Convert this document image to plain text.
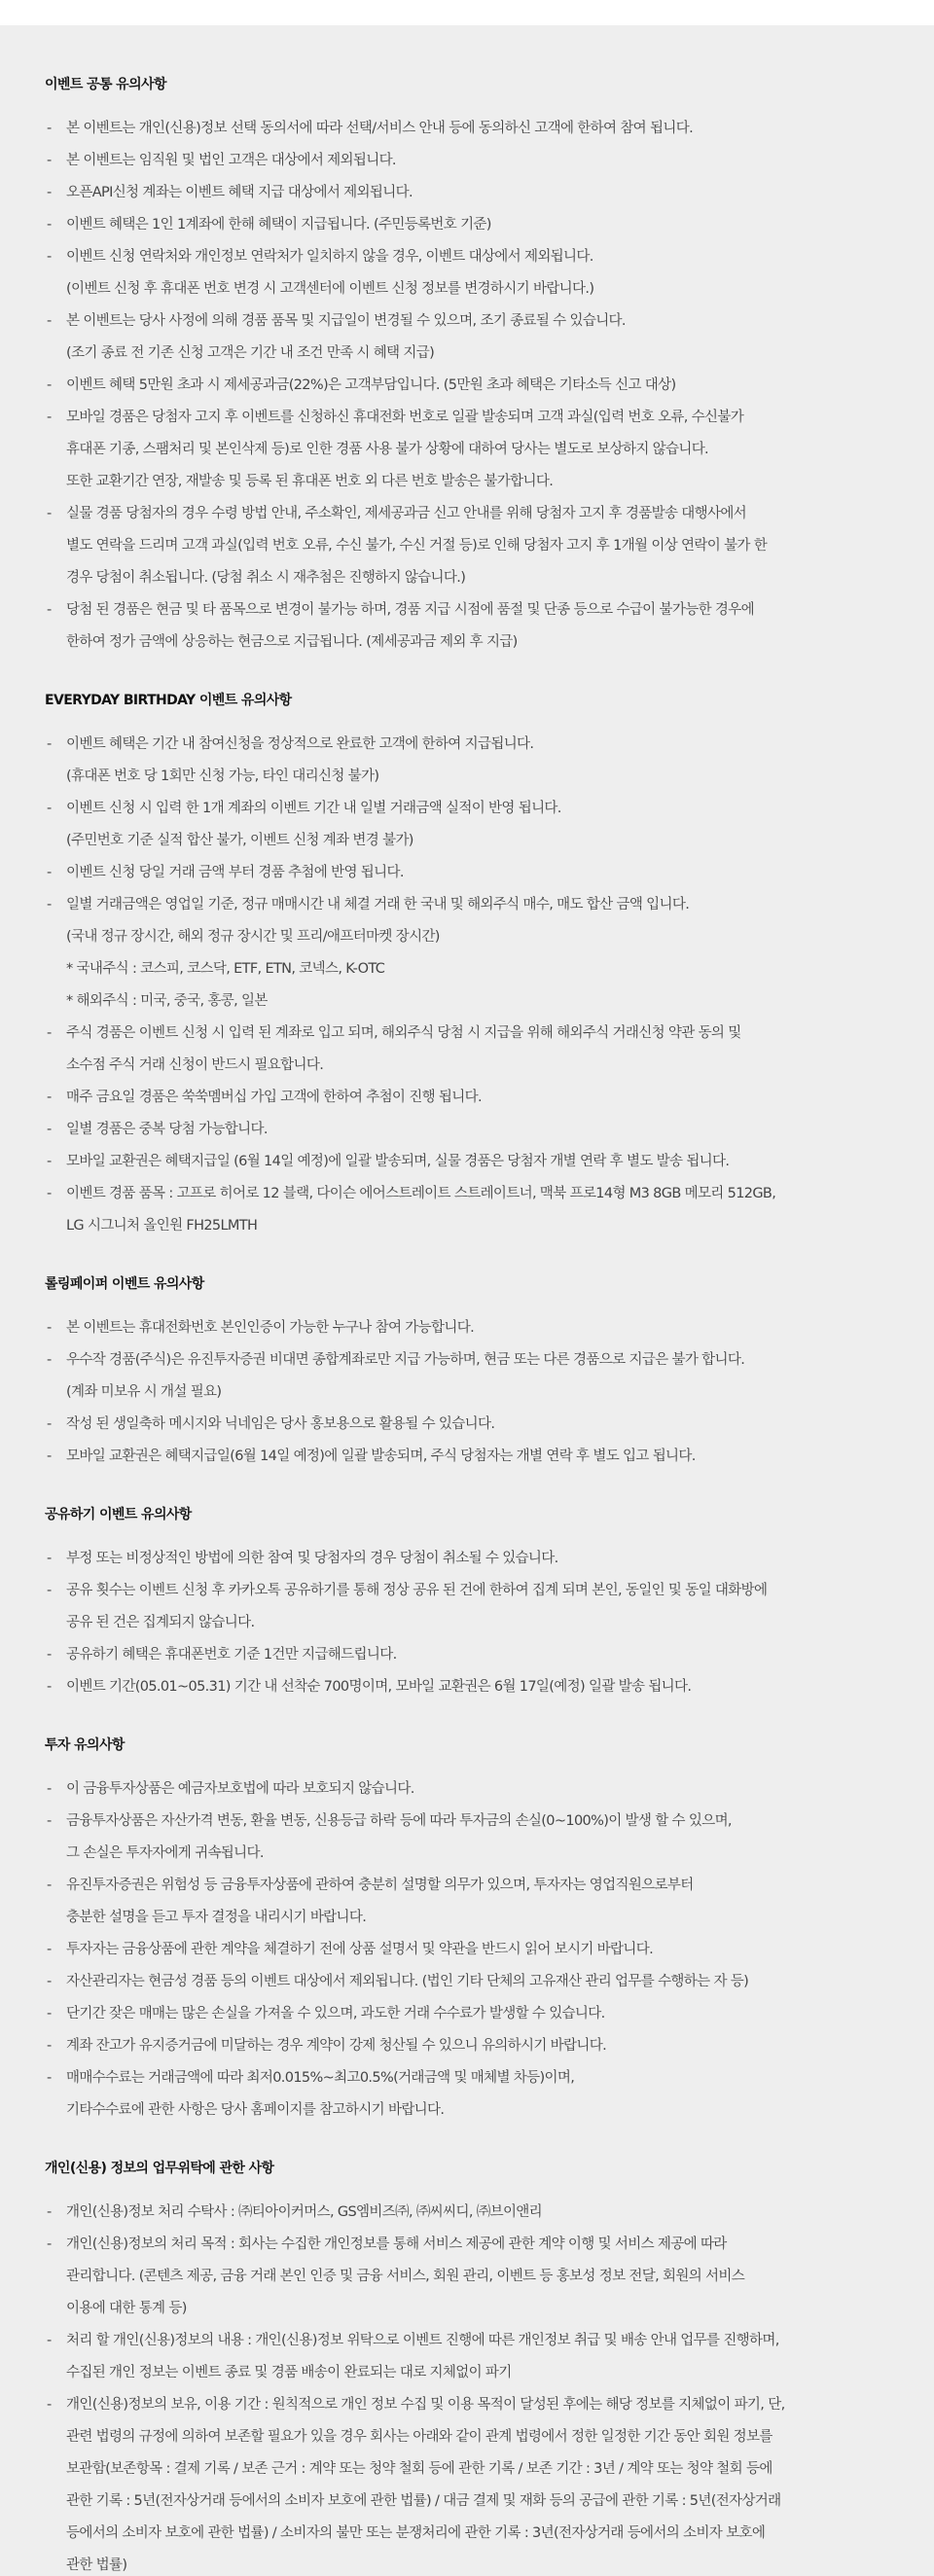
이벤트 공통 유의사항
- 본 이벤트는 개인(신용)정보 선택 동의서에 따라 선택/서비스 안내 등에 동의하신 고객에 한하여 참여 됩니다.
- 본 이벤트는 임직원 및 법인 고객은 대상에서 제외됩니다.
- 오픈API신청 계좌는 이벤트 혜택 지급 대상에서 제외됩니다.
- 이벤트 혜택은 1인 1계좌에 한해 혜택이 지급됩니다. (주민등록번호 기준)
- 이벤트 신청 연락처와 개인정보 연락처가 일치하지 않을 경우, 이벤트 대상에서 제외됩니다.
(이벤트 신청 후 휴대폰 번호 변경 시 고객센터에 이벤트 신청 정보를 변경하시기 바랍니다.)
- 본 이벤트는 당사 사정에 의해 경품 품목 및 지급일이 변경될 수 있으며, 조기 종료될 수 있습니다.
(조기 종료 전 기존 신청 고객은 기간 내 조건 만족 시 혜택 지급)
- 이벤트 혜택 5만원 초과 시 제세공과금(22%)은 고객부담입니다. (5만원 초과 혜택은 기타소득 신고 대상)
- 모바일 경품은 당첨자 고지 후 이벤트를 신청하신 휴대전화 번호로 일괄 발송되며 고객 과실(입력 번호 오류, 수신불가
휴대폰 기종, 스팸처리 및 본인삭제 등)로 인한 경품 사용 불가 상황에 대하여 당사는 별도로 보상하지 않습니다.
또한 교환기간 연장, 재발송 및 등록 된 휴대폰 번호 외 다른 번호 발송은 불가합니다.
- 실물 경품 당첨자의 경우 수령 방법 안내, 주소확인, 제세공과금 신고 안내를 위해 당첨자 고지 후 경품발송 대행사에서
별도 연락을 드리며 고객 과실(입력 번호 오류, 수신 불가, 수신 거절 등)로 인해 당첨자 고지 후 1개월 이상 연락이 불가 한
경우 당첨이 취소됩니다. (당첨 취소 시 재추첨은 진행하지 않습니다.)
- 당첨 된 경품은 현금 및 타 품목으로 변경이 불가능 하며, 경품 지급 시점에 품절 및 단종 등으로 수급이 불가능한 경우에
한하여 정가 금액에 상응하는 현금으로 지급됩니다. (제세공과금 제외 후 지급)
EVERYDAY BIRTHDAY 이벤트 유의사항
- 이벤트 혜택은 기간 내 참여신청을 정상적으로 완료한 고객에 한하여 지급됩니다.
(휴대폰 번호 당 1회만 신청 가능, 타인 대리신청 불가)
- 이벤트 신청 시 입력 한 1개 계좌의 이벤트 기간 내 일별 거래금액 실적이 반영 됩니다.
(주민번호 기준 실적 합산 불가, 이벤트 신청 계좌 변경 불가)
- 이벤트 신청 당일 거래 금액 부터 경품 추첨에 반영 됩니다.
- 일별 거래금액은 영업일 기준, 정규 매매시간 내 체결 거래 한 국내 및 해외주식 매수, 매도 합산 금액 입니다.
(국내 정규 장시간, 해외 정규 장시간 및 프리/애프터마켓 장시간)
* 국내주식 : 코스피, 코스닥, ETF, ETN, 코넥스, K-OTC
* 해외주식 : 미국, 중국, 홍콩, 일본
- 주식 경품은 이벤트 신청 시 입력 된 계좌로 입고 되며, 해외주식 당첨 시 지급을 위해 해외주식 거래신청 약관 동의 및
소수점 주식 거래 신청이 반드시 필요합니다.
- 매주 금요일 경품은 쑥쑥멤버십 가입 고객에 한하여 추첨이 진행 됩니다.
- 일별 경품은 중복 당첨 가능합니다.
- 모바일 교환권은 혜택지급일 (6월 14일 예정)에 일괄 발송되며, 실물 경품은 당첨자 개별 연락 후 별도 발송 됩니다.
- 이벤트 경품 품목 : 고프로 히어로 12 블랙, 다이슨 에어스트레이트 스트레이트너, 맥북 프로14형 M3 8GB 메모리 512GB,
LG 시그니처 올인원 FH25LMTH
롤링페이퍼 이벤트 유의사항
- 본 이벤트는 휴대전화번호 본인인증이 가능한 누구나 참여 가능합니다.
- 우수작 경품(주식)은 유진투자증권 비대면 종합계좌로만 지급 가능하며, 현금 또는 다른 경품으로 지급은 불가 합니다.
(계좌 미보유 시 개설 필요)
- 작성 된 생일축하 메시지와 닉네임은 당사 홍보용으로 활용될 수 있습니다.
- 모바일 교환권은 혜택지급일(6월 14일 예정)에 일괄 발송되며, 주식 당첨자는 개별 연락 후 별도 입고 됩니다.
공유하기 이벤트 유의사항
- 부정 또는 비정상적인 방법에 의한 참여 및 당첨자의 경우 당첨이 취소될 수 있습니다.
- 공유 횟수는 이벤트 신청 후 카카오톡 공유하기를 통해 정상 공유 된 건에 한하여 집계 되며 본인, 동일인 및 동일 대화방에
공유 된 건은 집계되지 않습니다.
- 공유하기 혜택은 휴대폰번호 기준 1건만 지급해드립니다.
- 이벤트 기간(05.01~05.31) 기간 내 선착순 700명이며, 모바일 교환권은 6월 17일(예정) 일괄 발송 됩니다.
투자 유의사항
- 이 금융투자상품은 예금자보호법에 따라 보호되지 않습니다.
- 금융투자상품은 자산가격 변동, 환율 변동, 신용등급 하락 등에 따라 투자금의 손실(0~100%)이 발생 할 수 있으며,
그 손실은 투자자에게 귀속됩니다.
- 유진투자증권은 위험성 등 금융투자상품에 관하여 충분히 설명할 의무가 있으며, 투자자는 영업직원으로부터
충분한 설명을 듣고 투자 결정을 내리시기 바랍니다.
- 투자자는 금융상품에 관한 계약을 체결하기 전에 상품 설명서 및 약관을 반드시 읽어 보시기 바랍니다.
- 자산관리자는 현금성 경품 등의 이벤트 대상에서 제외됩니다. (법인 기타 단체의 고유재산 관리 업무를 수행하는 자 등)
- 단기간 잦은 매매는 많은 손실을 가져올 수 있으며, 과도한 거래 수수료가 발생할 수 있습니다.
- 계좌 잔고가 유지증거금에 미달하는 경우 계약이 강제 청산될 수 있으니 유의하시기 바랍니다.
- 매매수수료는 거래금액에 따라 최저0.015%~최고0.5%(거래금액 및 매체별 차등)이며,
기타수수료에 관한 사항은 당사 홈페이지를 참고하시기 바랍니다.
개인(신용) 정보의 업무위탁에 관한 사항
- 개인(신용)정보 처리 수탁사 : ㈜티아이커머스, GS엠비즈㈜, ㈜씨씨디, ㈜브이앤리
- 개인(신용)정보의 처리 목적 : 회사는 수집한 개인정보를 통해 서비스 제공에 관한 계약 이행 및 서비스 제공에 따라
관리합니다. (콘텐츠 제공, 금융 거래 본인 인증 및 금융 서비스, 회원 관리, 이벤트 등 홍보성 정보 전달, 회원의 서비스
이용에 대한 통계 등)
- 처리 할 개인(신용)정보의 내용 : 개인(신용)정보 위탁으로 이벤트 진행에 따른 개인정보 취급 및 배송 안내 업무를 진행하며,
수집된 개인 정보는 이벤트 종료 및 경품 배송이 완료되는 대로 지체없이 파기
- 개인(신용)정보의 보유, 이용 기간 : 원칙적으로 개인 정보 수집 및 이용 목적이 달성된 후에는 해당 정보를 지체없이 파기, 단,
관련 법령의 규정에 의하여 보존할 필요가 있을 경우 회사는 아래와 같이 관계 법령에서 정한 일정한 기간 동안 회원 정보를
보관함(보존항목 : 결제 기록 / 보존 근거 : 계약 또는 청약 철회 등에 관한 기록 / 보존 기간 : 3년 / 계약 또는 청약 철회 등에
관한 기록 : 5년(전자상거래 등에서의 소비자 보호에 관한 법률) / 대금 결제 및 재화 등의 공급에 관한 기록 : 5년(전자상거래
등에서의 소비자 보호에 관한 법률) / 소비자의 불만 또는 분쟁처리에 관한 기록 : 3년(전자상거래 등에서의 소비자 보호에
관한 법률)
